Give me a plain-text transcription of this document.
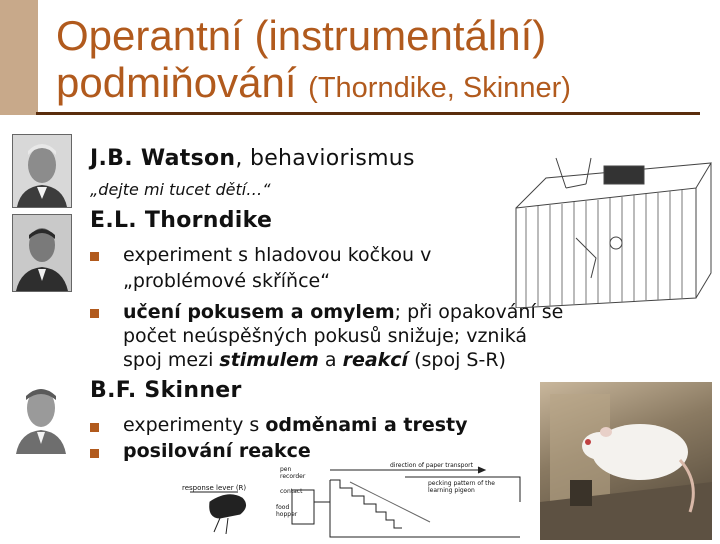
Operantní (instrumentální)
podmiňování (Thorndike, Skinner)
J.B. Watson, behaviorismus
„dejte mi tucet dětí…“
E.L. Thorndike
experiment s hladovou kočkou v
„problémové skříňce“
učení pokusem a omylem; při opakování se
počet neúspěšných pokusů snižuje; vzniká
spoj mezi stimulem a reakcí (spoj S-R)
B.F. Skinner
experimenty s odměnami a tresty
posilování reakce
response lever (R)
pen recorder
contact
food hopper
direction of paper transport
pecking pattern of the learning pigeon
